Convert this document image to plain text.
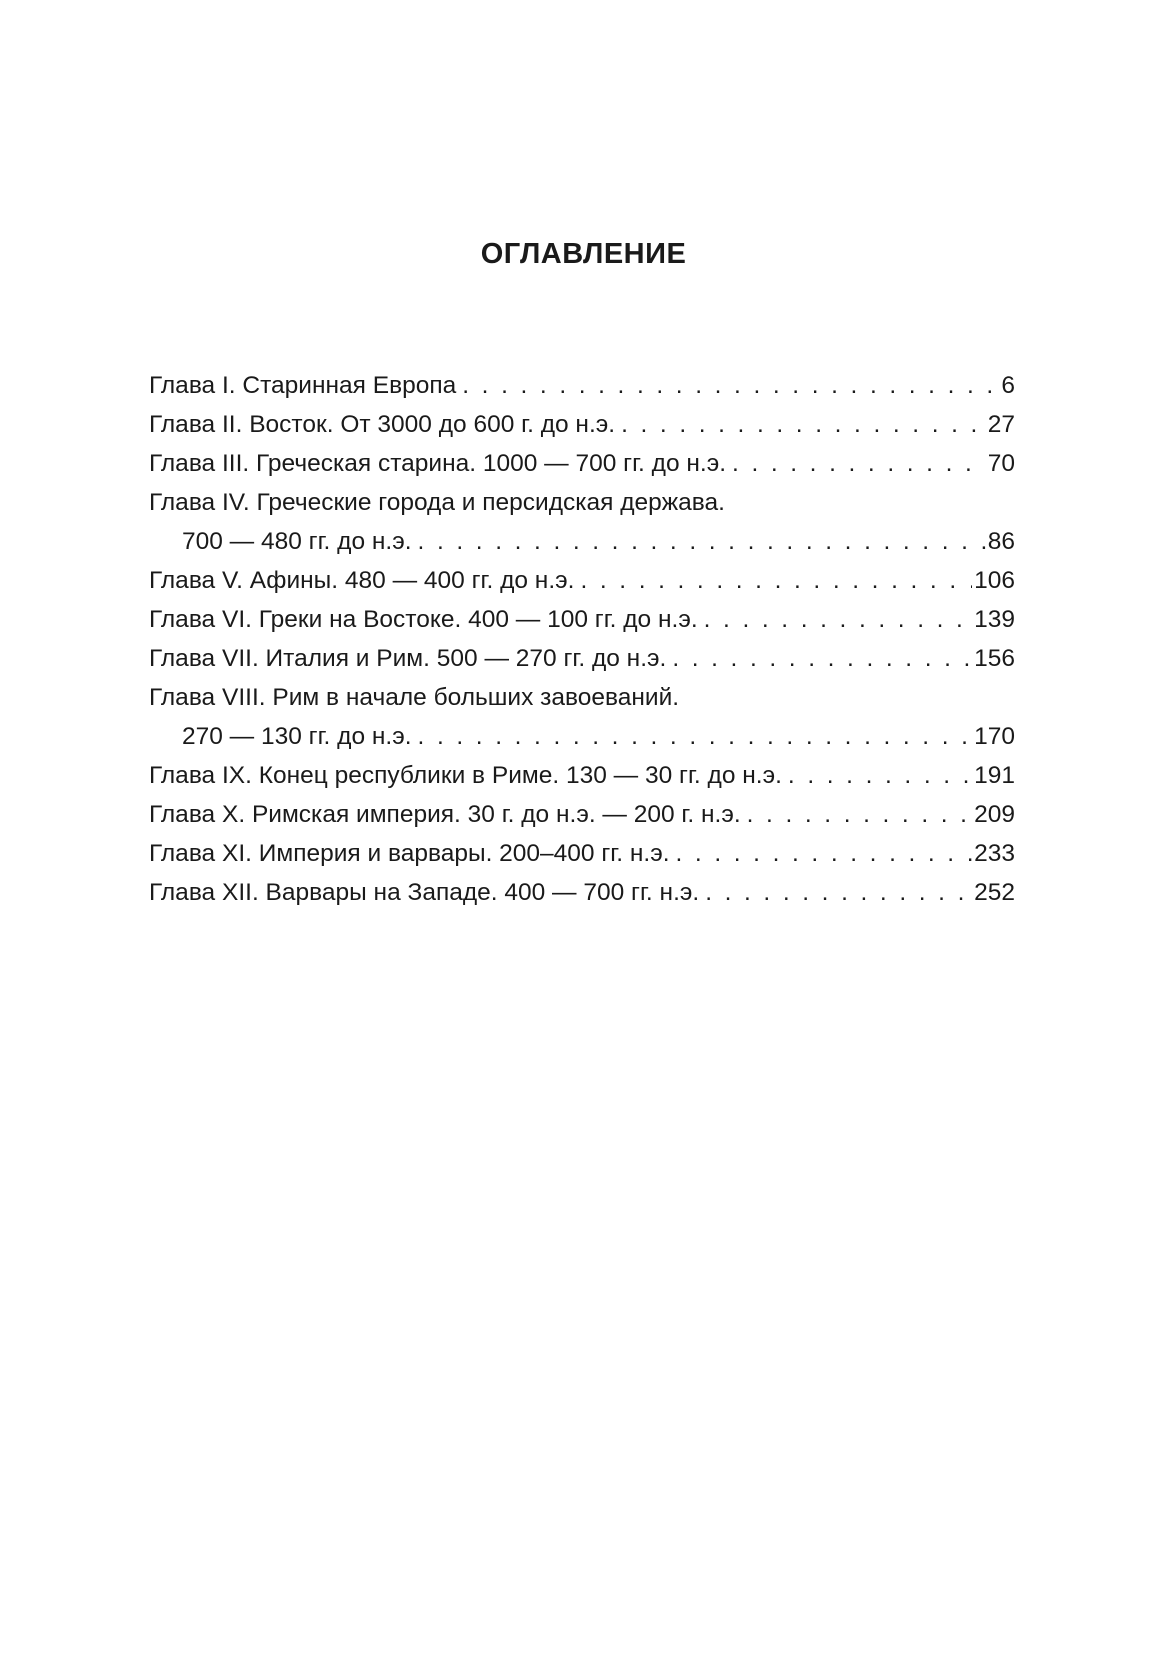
ОГЛАВЛЕНИЕ
Глава I. Старинная Европа . . .	6
Глава II. Восток. От 3000 до 600 г. до н.э. . . .	27
Глава III. Греческая старина. 1000 — 700 гг. до н.э. . . .	70
Глава IV. Греческие города и персидская держава.
700 — 480 гг. до н.э. . . .	86
Глава V. Афины. 480 — 400 гг. до н.э. . . .	106
Глава VI. Греки на Востоке. 400 — 100 гг. до н.э. . . .	139
Глава VII. Италия и Рим. 500 — 270 гг. до н.э. . . .	156
Глава VIII. Рим в начале больших завоеваний.
270 — 130 гг. до н.э. . . .	170
Глава IX. Конец республики в Риме. 130 — 30 гг. до н.э. . . .	191
Глава X. Римская империя. 30 г. до н.э. — 200 г. н.э. . . .	209
Глава XI. Империя и варвары. 200–400 гг. н.э. . . .	233
Глава XII. Варвары на Западе. 400 — 700 гг. н.э. . . .	252
